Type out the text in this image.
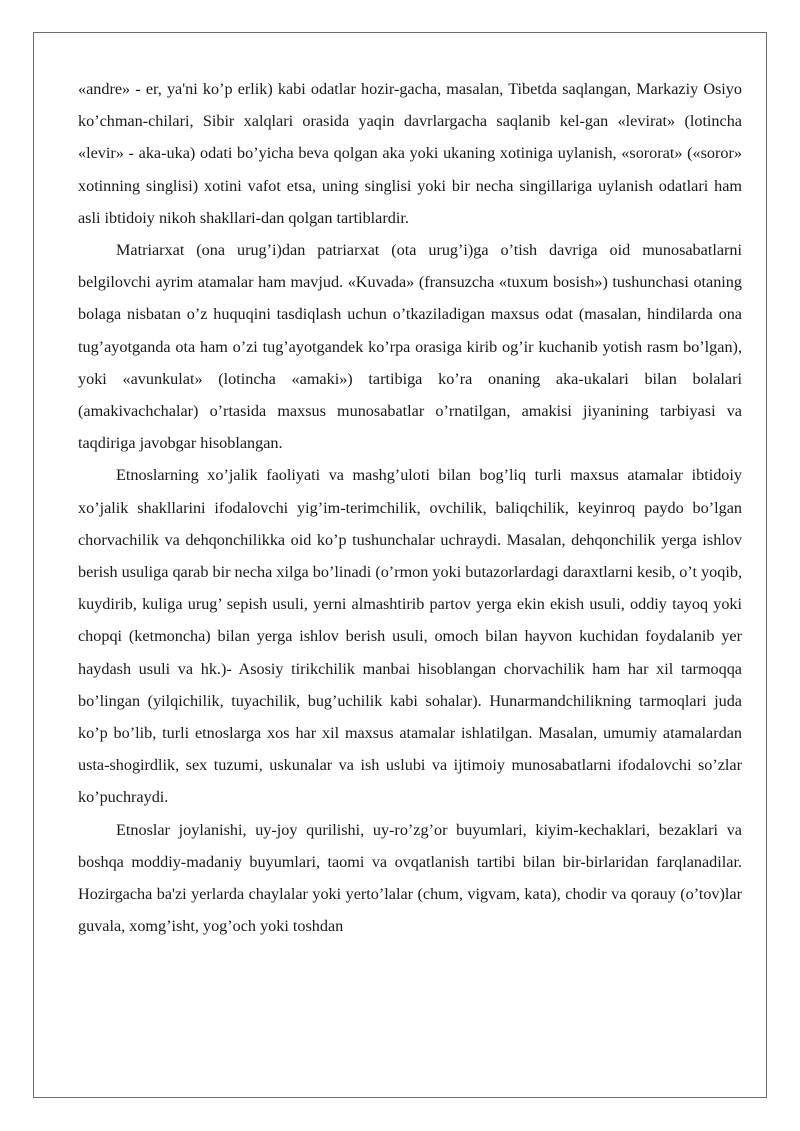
«andre» - er, ya'ni ko’p erlik) kabi odatlar hozir-gacha, masalan, Tibetda saqlangan, Markaziy Osiyo ko’chman-chilari, Sibir xalqlari orasida yaqin davrlargacha saqlanib kel-gan «levirat» (lotincha «levir» - aka-uka) odati bo’yicha beva qolgan aka yoki ukaning xotiniga uylanish, «sororat» («soror» xotinning singlisi) xotini vafot etsa, uning singlisi yoki bir necha singillariga uylanish odatlari ham asli ibtidoiy nikoh shakllari-dan qolgan tartiblardir.

Matriarxat (ona urug’i)dan patriarxat (ota urug’i)ga o’tish davriga oid munosabatlarni belgilovchi ayrim atamalar ham mavjud. «Kuvada» (fransuzcha «tuxum bosish») tushunchasi otaning bolaga nisbatan o’z huquqini tasdiqlash uchun o’tkaziladigan maxsus odat (masalan, hindilarda ona tug’ayotganda ota ham o’zi tug’ayotgandek ko’rpa orasiga kirib og’ir kuchanib yotish rasm bo’lgan), yoki «avunkulat» (lotincha «amaki») tartibiga ko’ra onaning aka-ukalari bilan bolalari (amakivachchalar) o’rtasida maxsus munosabatlar o’rnatilgan, amakisi jiyanining tarbiyasi va taqdiriga javobgar hisoblangan.

Etnoslarning xo’jalik faoliyati va mashg’uloti bilan bog’liq turli maxsus atamalar ibtidoiy xo’jalik shakllarini ifodalovchi yig’im-terimchilik, ovchilik, baliqchilik, keyinroq paydo bo’lgan chorvachilik va dehqonchilikka oid ko’p tushunchalar uchraydi. Masalan, dehqonchilik yerga ishlov berish usuliga qarab bir necha xilga bo’linadi (o’rmon yoki butazorlardagi daraxtlarni kesib, o’t yoqib, kuydirib, kuliga urug’ sepish usuli, yerni almashtirib partov yerga ekin ekish usuli, oddiy tayoq yoki chopqi (ketmoncha) bilan yerga ishlov berish usuli, omoch bilan hayvon kuchidan foydalanib yer haydash usuli va hk.)- Asosiy tirikchilik manbai hisoblangan chorvachilik ham har xil tarmoqqa bo’lingan (yilqichilik, tuyachilik, bug’uchilik kabi sohalar). Hunarmandchilikning tarmoqlari juda ko’p bo’lib, turli etnoslarga xos har xil maxsus atamalar ishlatilgan. Masalan, umumiy atamalardan usta-shogirdlik, sex tuzumi, uskunalar va ish uslubi va ijtimoiy munosabatlarni ifodalovchi so’zlar ko’puchraydi.

Etnoslar joylanishi, uy-joy qurilishi, uy-ro’zg’or buyumlari, kiyim-kechaklari, bezaklari va boshqa moddiy-madaniy buyumlari, taomi va ovqatlanish tartibi bilan bir-birlaridan farqlanadilar. Hozirgacha ba'zi yerlarda chaylalar yoki yerto’lalar (chum, vigvam, kata), chodir va qorauy (o’tov)lar guvala, xomg’isht, yog’och yoki toshdan
